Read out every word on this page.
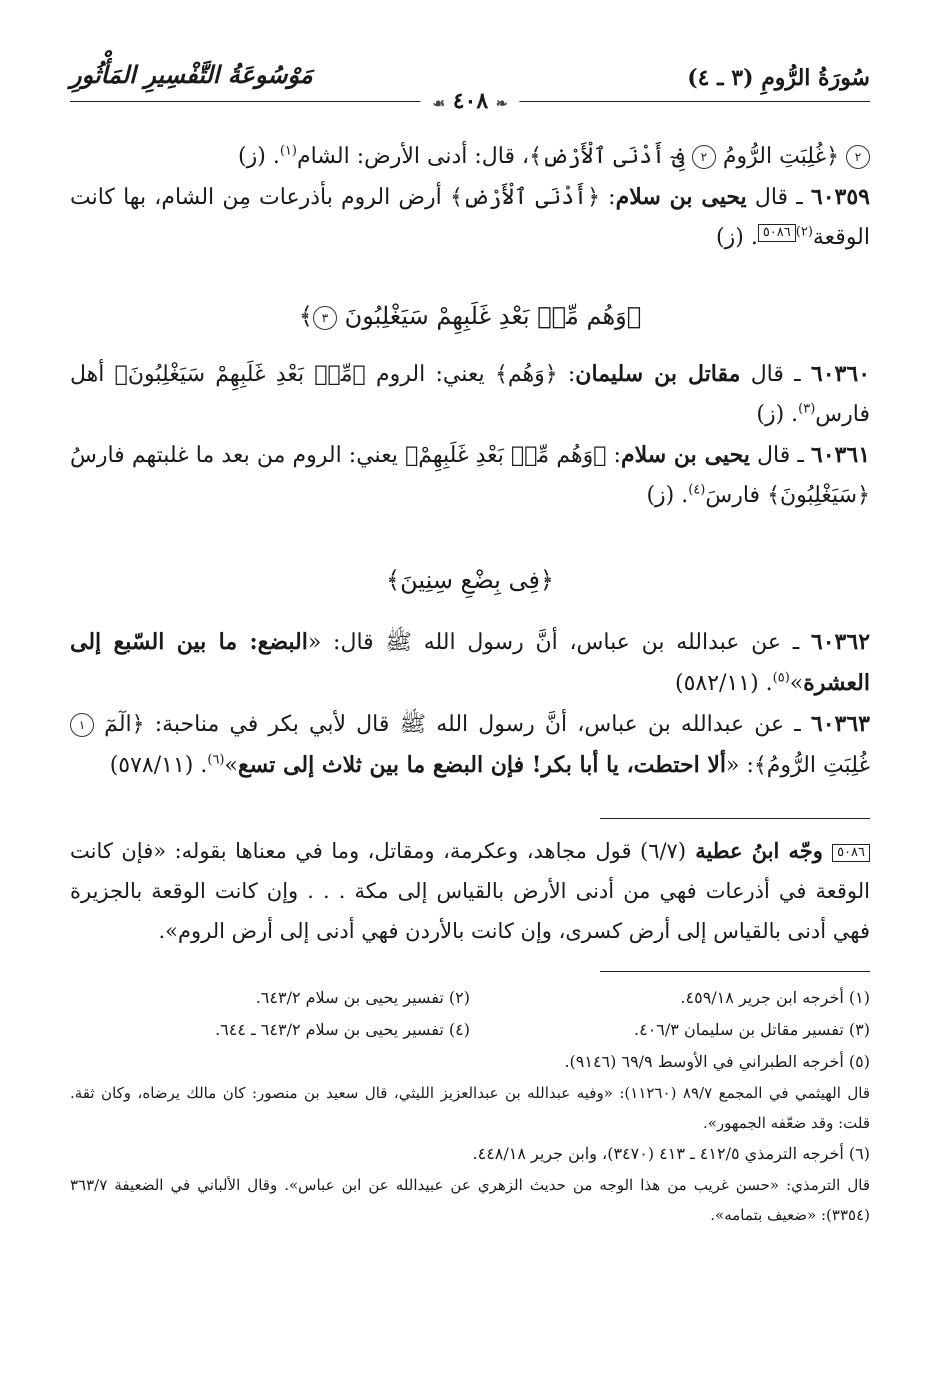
سُورَةُ الرُّومِ (٣ ـ ٤)
مَوْسُوعَةُ التَّفْسِيرِ المَأْثُورِ
❧ ٤٠٨ ☙

٢ ﴿غُلِبَتِ الرُّومُ ٢ فِىٓ أَدْنَى ٱلْأَرْضِ﴾، قال: أدنى الأرض: الشام$^{(١)}$. (ز)

٦٠٣٥٩ ـ قال يحيى بن سلام: ﴿أَدْنَى ٱلْأَرْضِ﴾ أرض الروم بأذرعات مِن الشام، بها كانت الوقعة$^{(٢)}$٥٠٨٦. (ز)

﴿وَهُم مِّنۢ بَعْدِ غَلَبِهِمْ سَيَغْلِبُونَ ٣﴾

٦٠٣٦٠ ـ قال مقاتل بن سليمان: ﴿وَهُم﴾ يعني: الروم ﴿مِّنۢ بَعْدِ غَلَبِهِمْ سَيَغْلِبُونَ﴾ أهل فارس$^{(٣)}$. (ز)

٦٠٣٦١ ـ قال يحيى بن سلام: ﴿وَهُم مِّنۢ بَعْدِ غَلَبِهِمْ﴾ يعني: الروم من بعد ما غلبتهم فارسُ ﴿سَيَغْلِبُونَ﴾ فارسَ$^{(٤)}$. (ز)

﴿فِى بِضْعِ سِنِينَ﴾

٦٠٣٦٢ ـ عن عبدالله بن عباس، أنَّ رسول الله ﷺ قال: «البضع: ما بين السّبع إلى العشرة»$^{(٥)}$. (٥٨٢/١١)

٦٠٣٦٣ ـ عن عبدالله بن عباس، أنَّ رسول الله ﷺ قال لأبي بكر في مناحبة: ﴿الٓمٓ ١ غُلِبَتِ الرُّومُ﴾: «ألا احتطت، يا أبا بكر! فإن البضع ما بين ثلاث إلى تسع»$^{(٦)}$. (٥٧٨/١١)

٥٠٨٦ وجّه ابنُ عطية (٦/٧) قول مجاهد، وعكرمة، ومقاتل، وما في معناها بقوله: «فإن كانت الوقعة في أذرعات فهي من أدنى الأرض بالقياس إلى مكة . . . وإن كانت الوقعة بالجزيرة فهي أدنى بالقياس إلى أرض كسرى، وإن كانت بالأردن فهي أدنى إلى أرض الروم».

(١) أخرجه ابن جرير ٤٥٩/١٨.
(٢) تفسير يحيى بن سلام ٦٤٣/٢.
(٣) تفسير مقاتل بن سليمان ٤٠٦/٣.
(٤) تفسير يحيى بن سلام ٦٤٣/٢ ـ ٦٤٤.

(٥) أخرجه الطبراني في الأوسط ٦٩/٩ (٩١٤٦).

قال الهيثمي في المجمع ٨٩/٧ (١١٢٦٠): «وفيه عبدالله بن عبدالعزيز الليثي، قال سعيد بن منصور: كان مالك يرضاه، وكان ثقة. قلت: وقد ضعّفه الجمهور».

(٦) أخرجه الترمذي ٤١٢/٥ ـ ٤١٣ (٣٤٧٠)، وابن جرير ٤٤٨/١٨.

قال الترمذي: «حسن غريب من هذا الوجه من حديث الزهري عن عبيدالله عن ابن عباس». وقال الألباني في الضعيفة ٣٦٣/٧ (٣٣٥٤): «ضعيف بتمامه».
